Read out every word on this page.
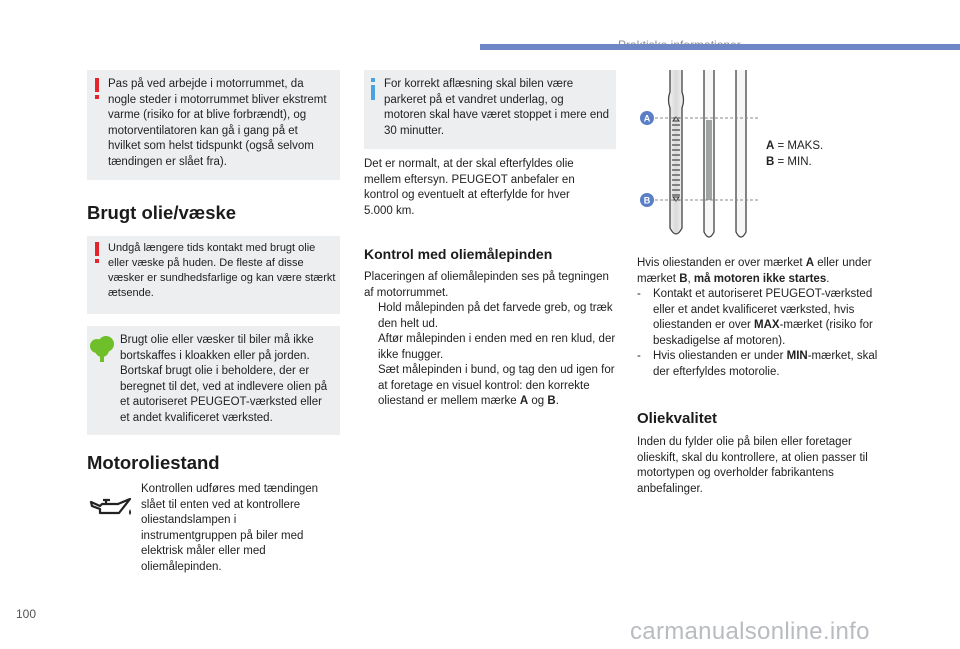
Pas på ved arbejde i motorrummet, da nogle steder i motorrummet bliver ekstremt varme (risiko for at blive forbrændt), og motorventilatoren kan gå i gang på et hvilket som helst tidspunkt (også selvom tændingen er slået fra).

Brugt olie/væske

Undgå længere tids kontakt med brugt olie eller væske på huden. De fleste af disse væsker er sundhedsfarlige og kan være stærkt ætsende.

Brugt olie eller væsker til biler må ikke bortskaffes i kloakken eller på jorden. Bortskaf brugt olie i beholdere, der er beregnet til det, ved at indlevere olien på et autoriseret PEUGEOT-værksted eller et andet kvalificeret værksted.

Motoroliestand

Kontrollen udføres med tændingen slået til enten ved at kontrollere oliestandslampen i instrumentgruppen på biler med elektrisk måler eller med oliemålepinden.

For korrekt aflæsning skal bilen være parkeret på et vandret underlag, og motoren skal have været stoppet i mere end 30 minutter.

Det er normalt, at der skal efterfyldes olie mellem eftersyn. PEUGEOT anbefaler en kontrol og eventuelt at efterfylde for hver 5.000 km.

Kontrol med oliemålepinden

Placeringen af oliemålepinden ses på tegningen af motorrummet.

Hold målepinden på det farvede greb, og træk den helt ud.

Aftør målepinden i enden med en ren klud, der ikke fnugger.

Sæt målepinden i bund, og tag den ud igen for at foretage en visuel kontrol: den korrekte oliestand er mellem mærke A og B.

A
B
A = MAKS.
B = MIN.

Hvis oliestanden er over mærket A eller under mærket B, må motoren ikke startes.

- Kontakt et autoriseret PEUGEOT-værksted eller et andet kvalificeret værksted, hvis oliestanden er over MAX-mærket (risiko for beskadigelse af motoren).

- Hvis oliestanden er under MIN-mærket, skal der efterfyldes motorolie.

Oliekvalitet

Inden du fylder olie på bilen eller foretager olieskift, skal du kontrollere, at olien passer til motortypen og overholder fabrikantens anbefalinger.

100
carmanualsonline.info
